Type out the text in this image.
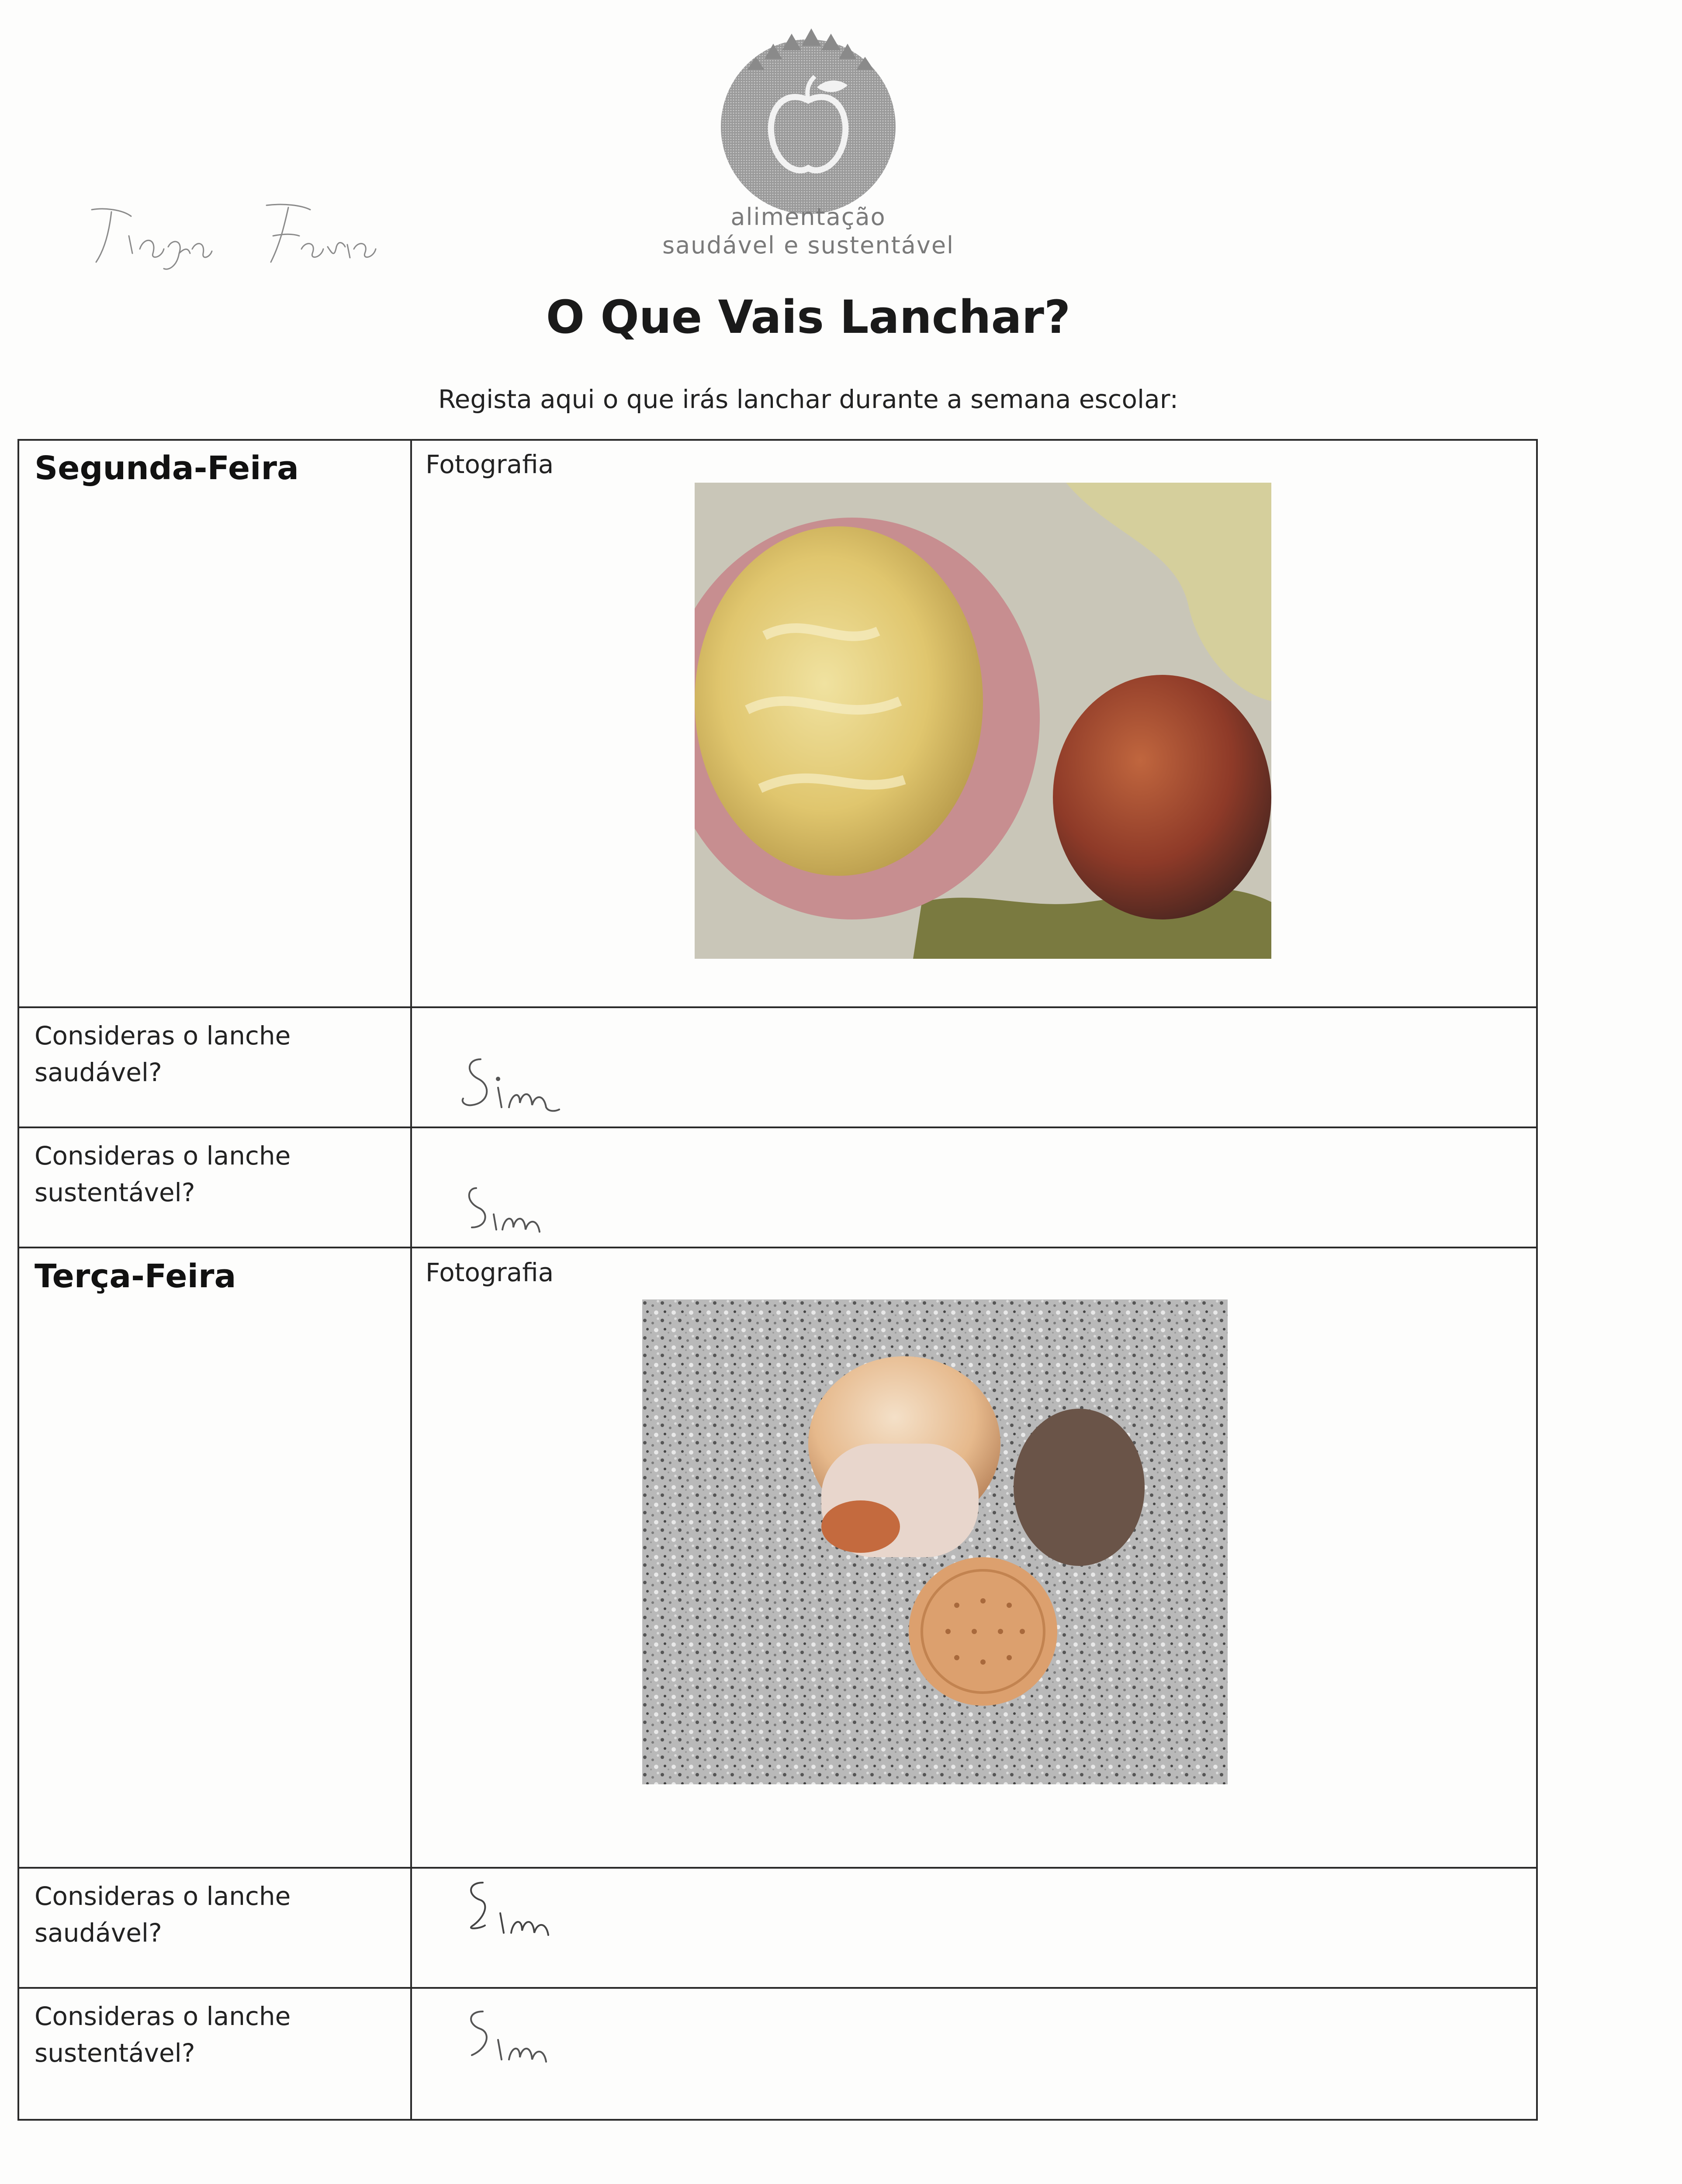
alimentação
saudável e sustentável
O Que Vais Lanchar?
Regista aqui o que irás lanchar durante a semana escolar:
Segunda-Feira	Fotografia
Consideras o lanche saudável?
Consideras o lanche sustentável?
Terça-Feira	Fotografia
Consideras o lanche saudável?
Consideras o lanche sustentável?
